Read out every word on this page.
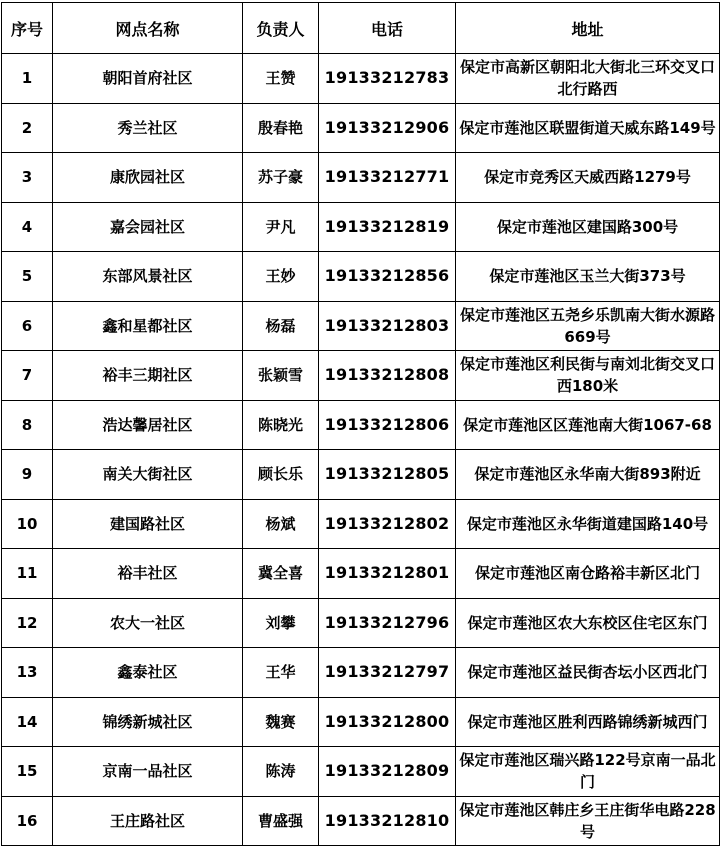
序号	网点名称	负责人	电话	地址
1	朝阳首府社区	王赞	19133212783	保定市高新区朝阳北大街北三环交叉口北行路西
2	秀兰社区	殷春艳	19133212906	保定市莲池区联盟街道天威东路149号
3	康欣园社区	苏子豪	19133212771	保定市竞秀区天威西路1279号
4	嘉会园社区	尹凡	19133212819	保定市莲池区建国路300号
5	东部风景社区	王妙	19133212856	保定市莲池区玉兰大街373号
6	鑫和星都社区	杨磊	19133212803	保定市莲池区五尧乡乐凯南大街水源路669号
7	裕丰三期社区	张颖雪	19133212808	保定市莲池区利民街与南刘北街交叉口西180米
8	浩达馨居社区	陈晓光	19133212806	保定市莲池区区莲池南大街1067-68
9	南关大街社区	顾长乐	19133212805	保定市莲池区永华南大街893附近
10	建国路社区	杨斌	19133212802	保定市莲池区永华街道建国路140号
11	裕丰社区	冀全喜	19133212801	保定市莲池区南仓路裕丰新区北门
12	农大一社区	刘攀	19133212796	保定市莲池区农大东校区住宅区东门
13	鑫泰社区	王华	19133212797	保定市莲池区益民街杏坛小区西北门
14	锦绣新城社区	魏赛	19133212800	保定市莲池区胜利西路锦绣新城西门
15	京南一品社区	陈涛	19133212809	保定市莲池区瑞兴路122号京南一品北门
16	王庄路社区	曹盛强	19133212810	保定市莲池区韩庄乡王庄街华电路228号
